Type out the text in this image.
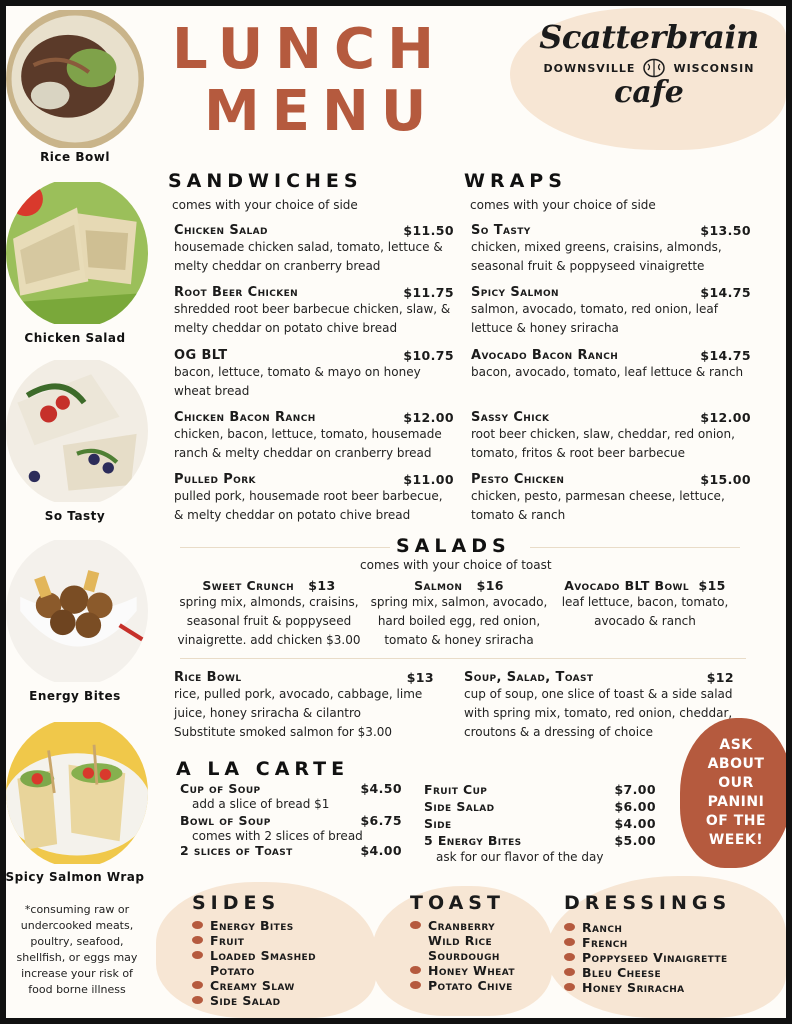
Rice Bowl
Chicken Salad
So Tasty
Energy Bites
Spicy Salmon Wrap
LUNCH
MENU
Scatterbrain
DOWNSVILLE	WISCONSIN
cafe
SANDWICHES
comes with your choice of side
Chicken Salad	$11.50
housemade chicken salad, tomato, lettuce & melty cheddar on cranberry bread
Root Beer Chicken	$11.75
shredded root beer barbecue chicken, slaw, & melty cheddar on potato chive bread
OG BLT	$10.75
bacon, lettuce, tomato & mayo on honey wheat bread
Chicken Bacon Ranch	$12.00
chicken, bacon, lettuce, tomato, housemade ranch & melty cheddar on cranberry bread
Pulled Pork	$11.00
pulled pork, housemade root beer barbecue, & melty cheddar on potato chive bread
WRAPS
comes with your choice of side
So Tasty	$13.50
chicken, mixed greens, craisins, almonds, seasonal fruit & poppyseed vinaigrette
Spicy Salmon	$14.75
salmon, avocado, tomato, red onion, leaf lettuce & honey sriracha
Avocado Bacon Ranch	$14.75
bacon, avocado, tomato, leaf lettuce & ranch
Sassy Chick	$12.00
root beer chicken, slaw, cheddar, red onion, tomato, fritos & root beer barbecue
Pesto Chicken	$15.00
chicken, pesto, parmesan cheese, lettuce, tomato & ranch
SALADS
comes with your choice of toast
Sweet Crunch $13
spring mix, almonds, craisins, seasonal fruit & poppyseed vinaigrette. add chicken $3.00
Salmon $16
spring mix, salmon, avocado, hard boiled egg, red onion, tomato & honey sriracha
Avocado BLT Bowl $15
leaf lettuce, bacon, tomato, avocado & ranch
Rice Bowl	$13
rice, pulled pork, avocado, cabbage, lime juice, honey sriracha & cilantro
Substitute smoked salmon for $3.00
Soup, Salad, Toast	$12
cup of soup, one slice of toast & a side salad with spring mix, tomato, red onion, cheddar, croutons & a dressing of choice
A LA CARTE
Cup of Soup	$4.50
add a slice of bread $1
Bowl of Soup	$6.75
comes with 2 slices of bread
2 slices of Toast	$4.00
Fruit Cup	$7.00
Side Salad	$6.00
Side	$4.00
5 Energy Bites	$5.00
ask for our flavor of the day
ASK
ABOUT
OUR
PANINI
OF THE
WEEK!
SIDES
Energy Bites
Fruit
Loaded Smashed Potato
Creamy Slaw
Side Salad
TOAST
Cranberry Wild Rice Sourdough
Honey Wheat
Potato Chive
DRESSINGS
Ranch
French
Poppyseed Vinaigrette
Bleu Cheese
Honey Sriracha
*consuming raw or undercooked meats, poultry, seafood, shellfish, or eggs may increase your risk of food borne illness
